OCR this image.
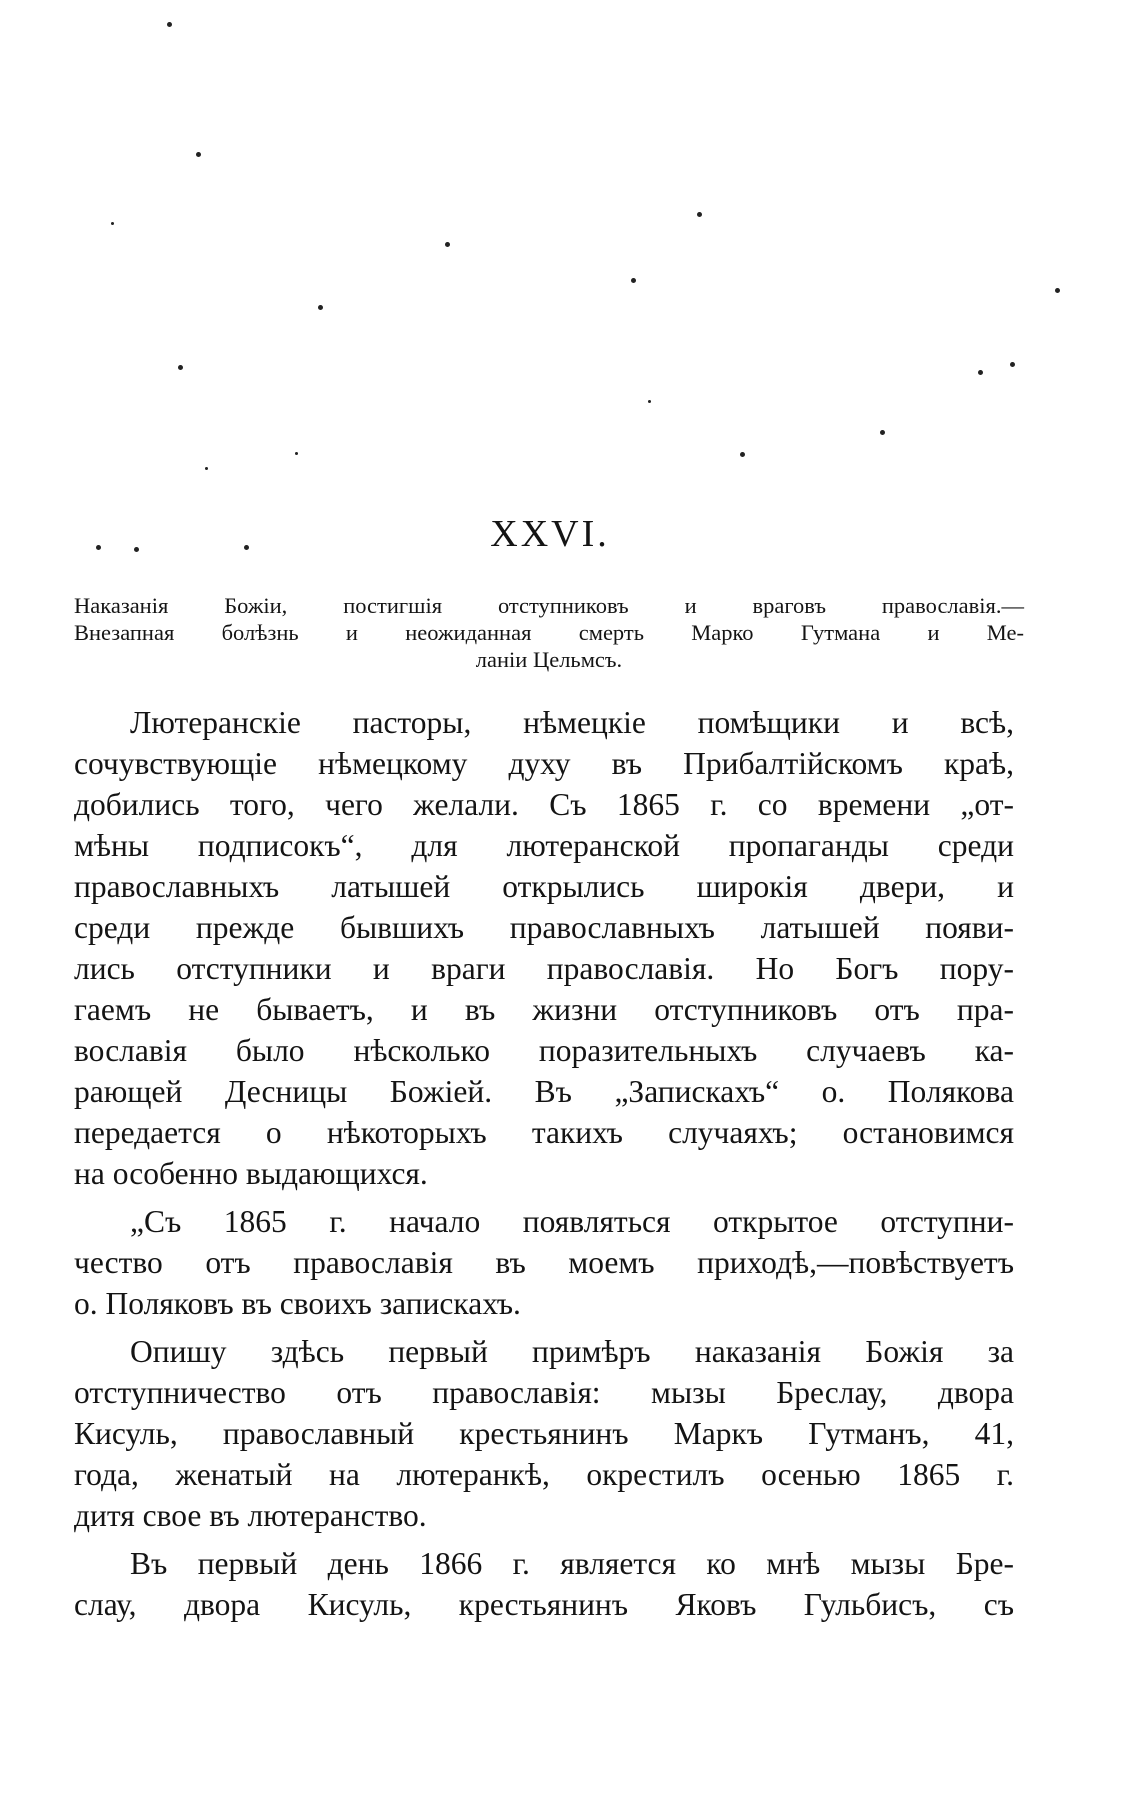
XXVI.
Наказанія Божіи, постигшія отступниковъ и враговъ православія.—
Внезапная болѣзнь и неожиданная смерть Марко Гутмана и Ме-
ланіи Цельмсъ.
Лютеранскіе пасторы, нѣмецкіе помѣщики и всѣ,
сочувствующіе нѣмецкому духу въ Прибалтійскомъ краѣ,
добились того, чего желали. Съ 1865 г. со времени „от-
мѣны подписокъ“, для лютеранской пропаганды среди
православныхъ латышей открылись широкія двери, и
среди прежде бывшихъ православныхъ латышей появи-
лись отступники и враги православія. Но Богъ пору-
гаемъ не бываетъ, и въ жизни отступниковъ отъ пра-
вославія было нѣсколько поразительныхъ случаевъ ка-
рающей Десницы Божіей. Въ „Запискахъ“ о. Полякова
передается о нѣкоторыхъ такихъ случаяхъ; остановимся
на особенно выдающихся.
„Съ 1865 г. начало появляться открытое отступни-
чество отъ православія въ моемъ приходѣ,—повѣствуетъ
о. Поляковъ въ своихъ запискахъ.
Опишу здѣсь первый примѣръ наказанія Божія за
отступничество отъ православія: мызы Бреслау, двора
Кисуль, православный крестьянинъ Маркъ Гутманъ, 41,
года, женатый на лютеранкѣ, окрестилъ осенью 1865 г.
дитя свое въ лютеранство.
Въ первый день 1866 г. является ко мнѣ мызы Бре-
слау, двора Кисуль, крестьянинъ Яковъ Гульбисъ, съ
